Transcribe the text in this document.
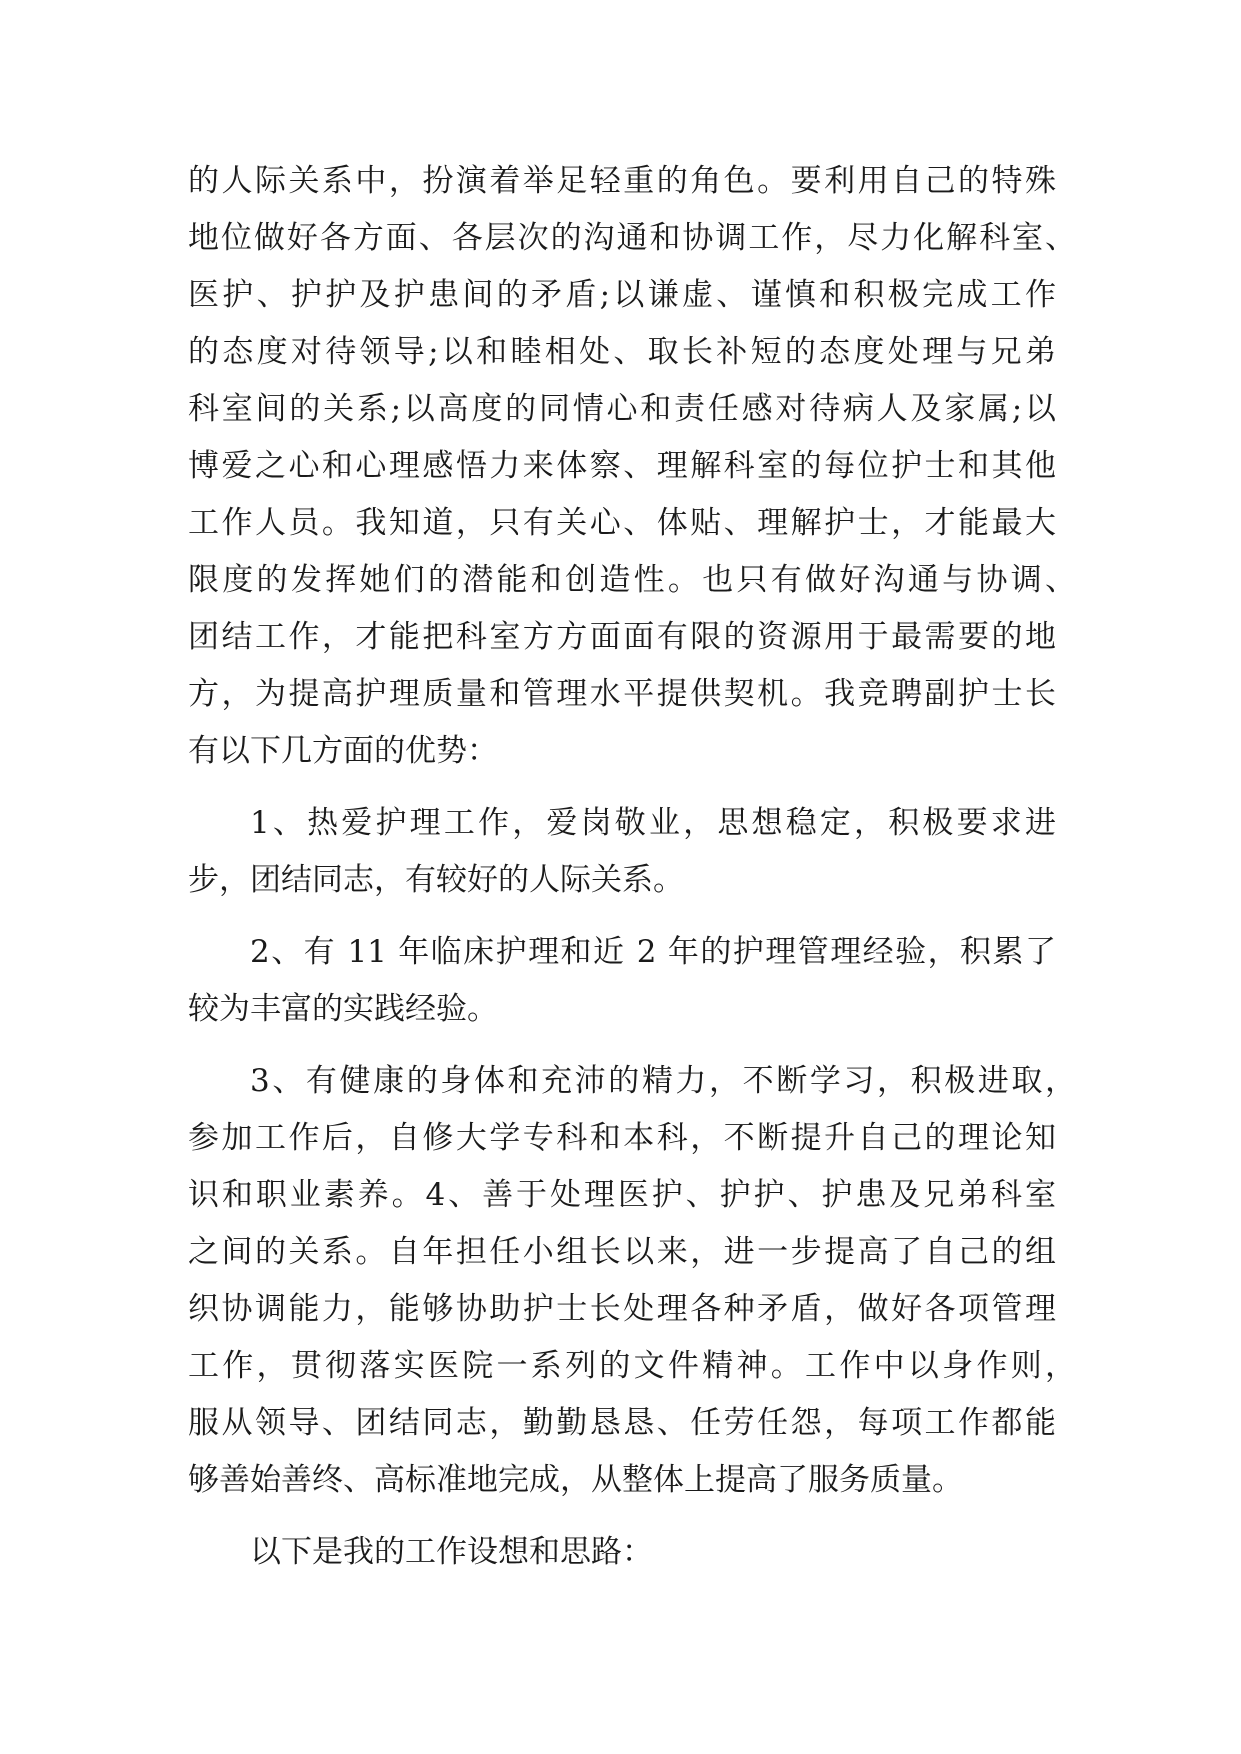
的人际关系中，扮演着举足轻重的角色。要利用自己的特殊
地位做好各方面、各层次的沟通和协调工作，尽力化解科室、
医护、护护及护患间的矛盾;以谦虚、谨慎和积极完成工作
的态度对待领导;以和睦相处、取长补短的态度处理与兄弟
科室间的关系;以高度的同情心和责任感对待病人及家属;以
博爱之心和心理感悟力来体察、理解科室的每位护士和其他
工作人员。我知道，只有关心、体贴、理解护士，才能最大
限度的发挥她们的潜能和创造性。也只有做好沟通与协调、
团结工作，才能把科室方方面面有限的资源用于最需要的地
方，为提高护理质量和管理水平提供契机。我竞聘副护士长
有以下几方面的优势：
1、热爱护理工作，爱岗敬业，思想稳定，积极要求进
步，团结同志，有较好的人际关系。
2、有 11 年临床护理和近 2 年的护理管理经验，积累了
较为丰富的实践经验。
3、有健康的身体和充沛的精力，不断学习，积极进取，
参加工作后，自修大学专科和本科，不断提升自己的理论知
识和职业素养。4、善于处理医护、护护、护患及兄弟科室
之间的关系。自年担任小组长以来，进一步提高了自己的组
织协调能力，能够协助护士长处理各种矛盾，做好各项管理
工作，贯彻落实医院一系列的文件精神。工作中以身作则，
服从领导、团结同志，勤勤恳恳、任劳任怨，每项工作都能
够善始善终、高标准地完成，从整体上提高了服务质量。
以下是我的工作设想和思路：
